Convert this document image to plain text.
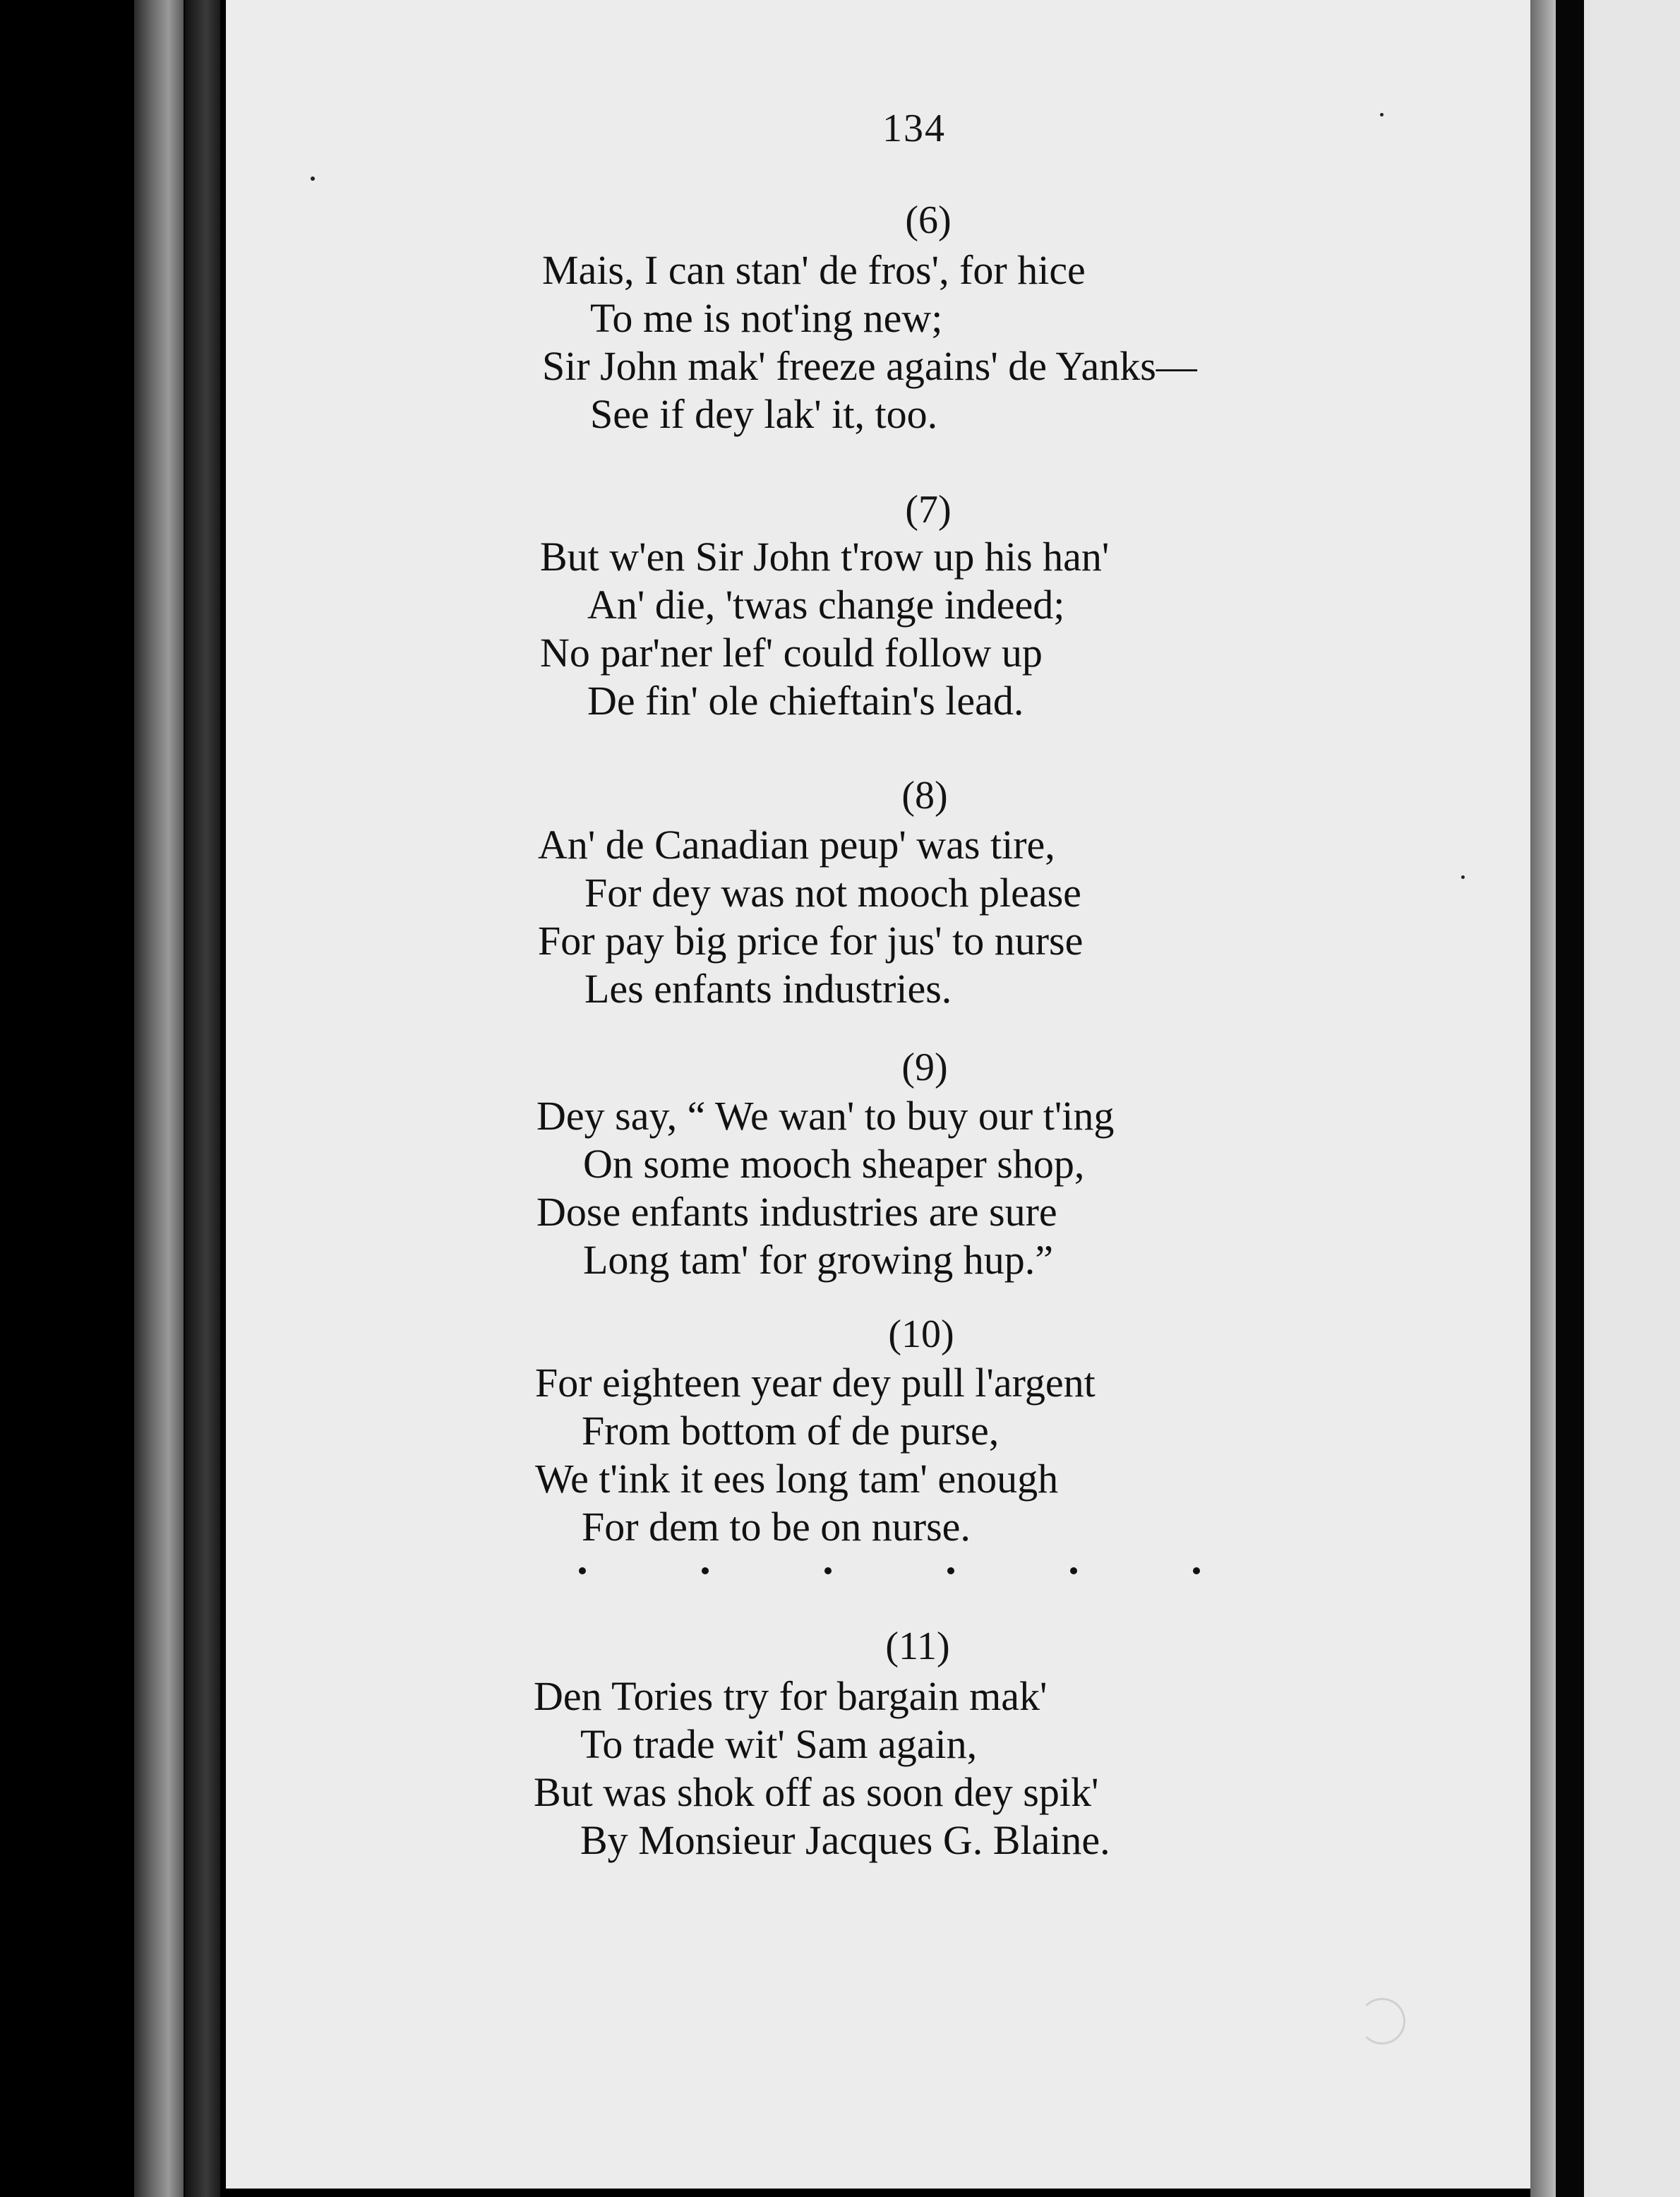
134
(6)
Mais, I can stan' de fros', for hice
To me is not'ing new;
Sir John mak' freeze agains' de Yanks—
See if dey lak' it, too.
(7)
But w'en Sir John t'row up his han'
An' die, 'twas change indeed;
No par'ner lef' could follow up
De fin' ole chieftain's lead.
(8)
An' de Canadian peup' was tire,
For dey was not mooch please
For pay big price for jus' to nurse
Les enfants industries.
(9)
Dey say, “ We wan' to buy our t'ing
On some mooch sheaper shop,
Dose enfants industries are sure
Long tam' for growing hup.”
(10)
For eighteen year dey pull l'argent
From bottom of de purse,
We t'ink it ees long tam' enough
For dem to be on nurse.
(11)
Den Tories try for bargain mak'
To trade wit' Sam again,
But was shok off as soon dey spik'
By Monsieur Jacques G. Blaine.
